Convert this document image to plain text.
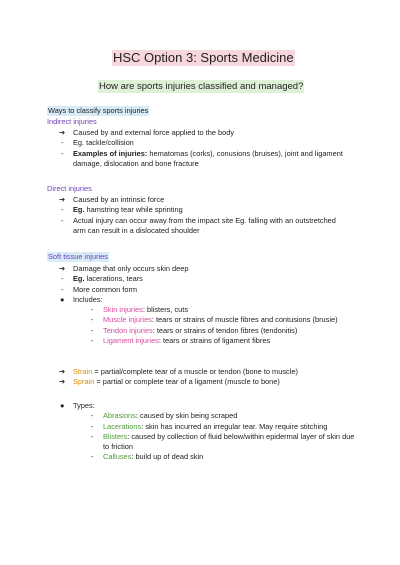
HSC Option 3: Sports Medicine
How are sports injuries classified and managed?
Ways to classify sports injuries
Indirect injuries
➔ Caused by and external force applied to the body
- Eg. tackle/collision
- Examples of injuries: hematomas (corks), conusions (bruises), joint and ligament
damage, dislocation and bone fracture
Direct injuries
➔ Caused by an intrinsic force
- Eg. hamstring tear while sprinting
- Actual injury can occur away from the impact site Eg. falling with an outstretched
arm can result in a dislocated shoulder
Soft tissue injuries
➔ Damage that only occurs skin deep
- Eg. lacerations, tears
- More common form
● Includes:
- Skin injuries: blisters, cuts
- Muscle injuries: tears or strains of muscle fibres and contusions (brusie)
- Tendon injuries: tears or strains of tendon fibres (tendonitis)
- Ligament injuries: tears or strains of ligament fibres
➔ Strain = partial/complete tear of a muscle or tendon (bone to muscle)
➔ Sprain = partial or complete tear of a ligament (muscle to bone)
● Types:
- Abrasions: caused by skin being scraped
- Lacerations: skin has incurred an irregular tear. May require stitching
- Blisters: caused by collection of fluid below/within epidermal layer of skin due
to friction
- Calluses: build up of dead skin
